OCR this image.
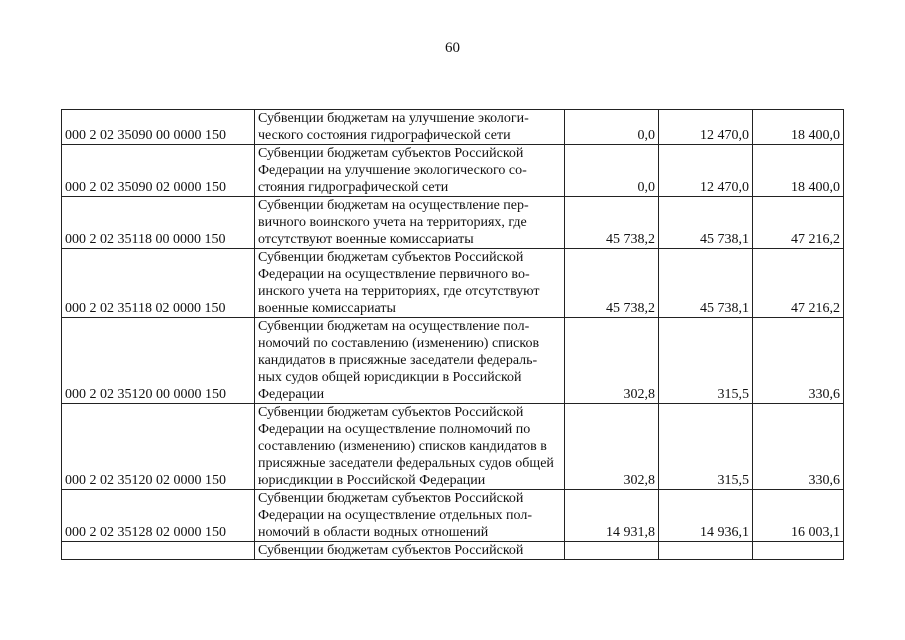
60
000 2 02 35090 00 0000 150	Субвенции бюджетам на улучшение экологи-ческого состояния гидрографической сети	0,0	12 470,0	18 400,0
000 2 02 35090 02 0000 150	Субвенции бюджетам субъектов Российской Федерации на улучшение экологического со-стояния гидрографической сети	0,0	12 470,0	18 400,0
000 2 02 35118 00 0000 150	Субвенции бюджетам на осуществление пер-вичного воинского учета на территориях, где отсутствуют военные комиссариаты	45 738,2	45 738,1	47 216,2
000 2 02 35118 02 0000 150	Субвенции бюджетам субъектов Российской Федерации на осуществление первичного во-инского учета на территориях, где отсутствуют военные комиссариаты	45 738,2	45 738,1	47 216,2
000 2 02 35120 00 0000 150	Субвенции бюджетам на осуществление пол-номочий по составлению (изменению) списков кандидатов в присяжные заседатели федераль-ных судов общей юрисдикции в Российской Федерации	302,8	315,5	330,6
000 2 02 35120 02 0000 150	Субвенции бюджетам субъектов Российской Федерации на осуществление полномочий по составлению (изменению) списков кандидатов в присяжные заседатели федеральных судов общей юрисдикции в Российской Федерации	302,8	315,5	330,6
000 2 02 35128 02 0000 150	Субвенции бюджетам субъектов Российской Федерации на осуществление отдельных пол-номочий в области водных отношений	14 931,8	14 936,1	16 003,1
	Субвенции бюджетам субъектов Российской			
